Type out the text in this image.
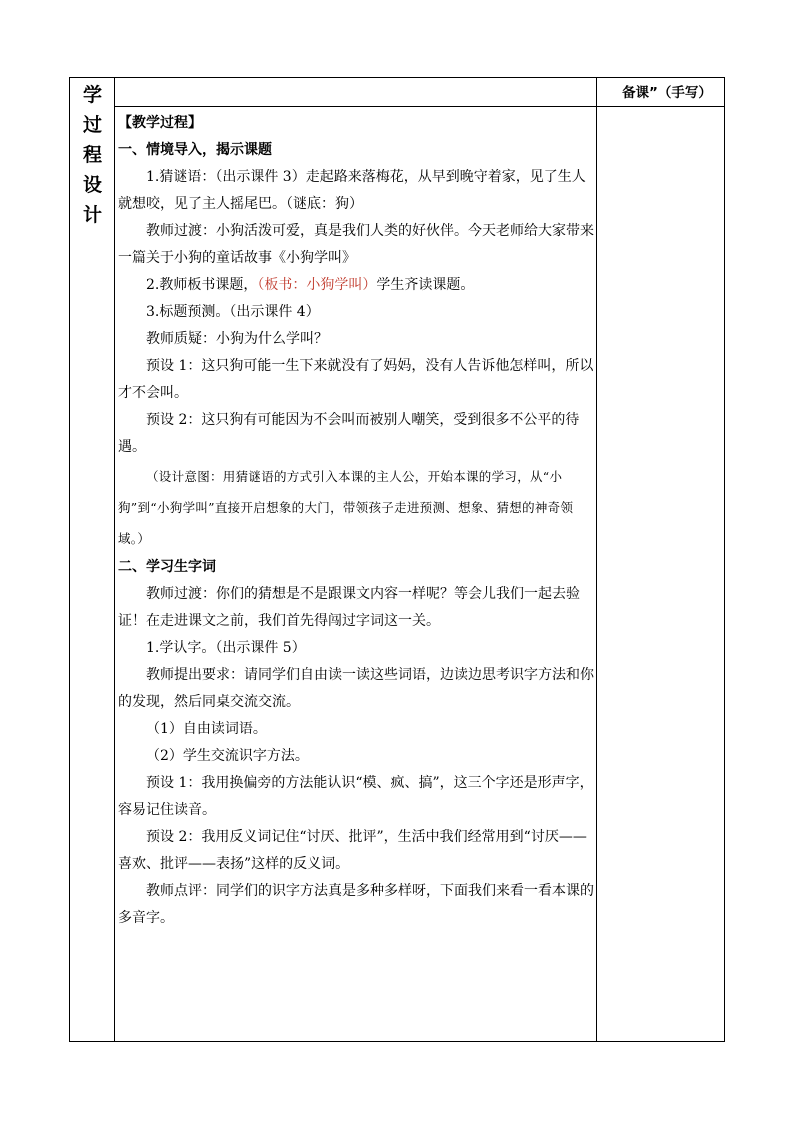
学
过
程
设
计
备课”（手写）

【教学过程】

一、情境导入，揭示课题

1.猜谜语：（出示课件 3）走起路来落梅花，从早到晚守着家，见了生人就想咬，见了主人摇尾巴。（谜底：狗）

教师过渡：小狗活泼可爱，真是我们人类的好伙伴。今天老师给大家带来一篇关于小狗的童话故事《小狗学叫》

2.教师板书课题，（板书：小狗学叫）学生齐读课题。

3.标题预测。（出示课件 4）

教师质疑：小狗为什么学叫？

预设 1：这只狗可能一生下来就没有了妈妈，没有人告诉他怎样叫，所以才不会叫。

预设 2：这只狗有可能因为不会叫而被别人嘲笑，受到很多不公平的待遇。

（设计意图：用猜谜语的方式引入本课的主人公，开始本课的学习，从“小狗”到“小狗学叫”直接开启想象的大门，带领孩子走进预测、想象、猜想的神奇领域。）

二、学习生字词

教师过渡：你们的猜想是不是跟课文内容一样呢？等会儿我们一起去验证！在走进课文之前，我们首先得闯过字词这一关。

1.学认字。（出示课件 5）

教师提出要求：请同学们自由读一读这些词语，边读边思考识字方法和你的发现，然后同桌交流交流。

（1）自由读词语。

（2）学生交流识字方法。

预设 1：我用换偏旁的方法能认识“模、疯、搞”，这三个字还是形声字，容易记住读音。

预设 2：我用反义词记住“讨厌、批评”，生活中我们经常用到“讨厌——喜欢、批评——表扬”这样的反义词。

教师点评：同学们的识字方法真是多种多样呀，下面我们来看一看本课的多音字。
